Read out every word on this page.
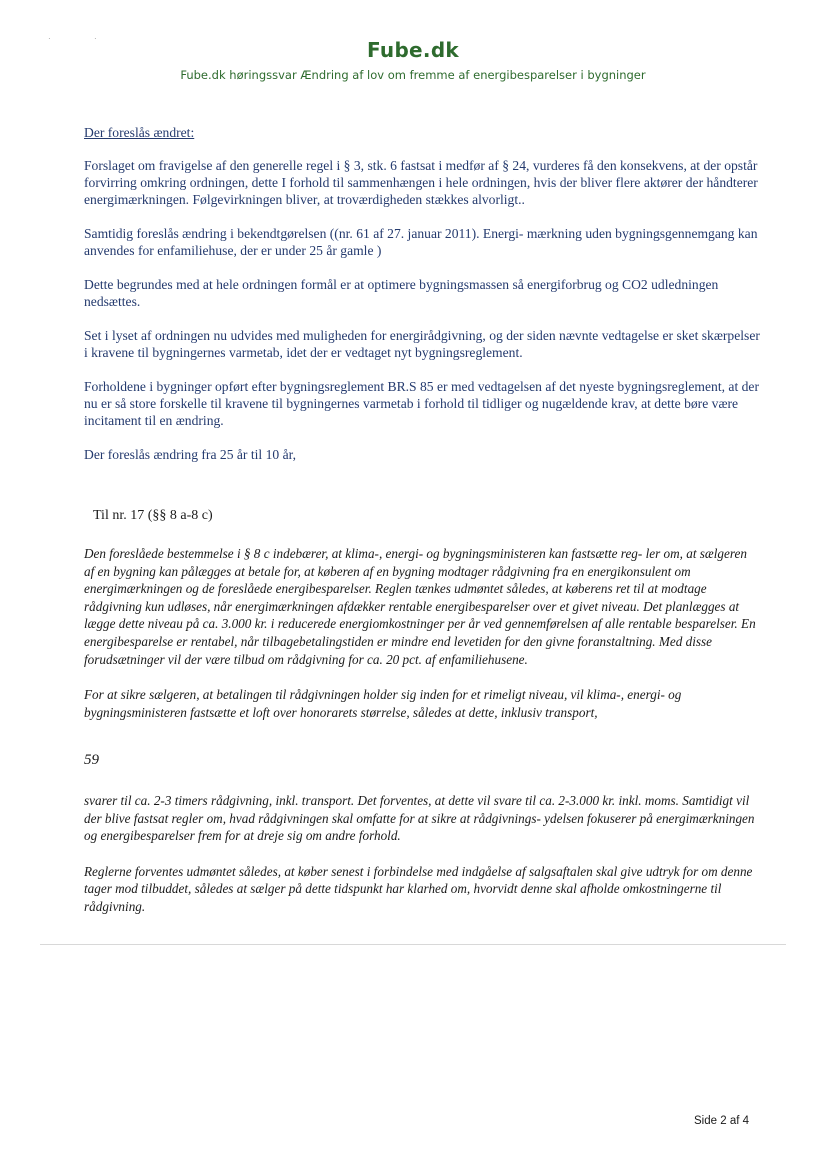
·	·	Fube.dk
Fube.dk høringssvar Ændring af lov om fremme af energibesparelser i bygninger

Der foreslås ændret:

Forslaget om fravigelse af den generelle regel i § 3, stk. 6 fastsat i medfør af § 24, vurderes få den konsekvens, at der opstår forvirring omkring ordningen, dette I forhold til sammenhængen i hele ordningen, hvis der bliver flere aktører der håndterer energimærkningen. Følgevirkningen bliver, at troværdigheden stækkes alvorligt..

Samtidig foreslås ændring i bekendtgørelsen ((nr. 61 af 27. januar 2011). Energi- mærkning uden bygningsgennemgang kan anvendes for enfamiliehuse, der er under 25 år gamle )

Dette begrundes med at hele ordningen formål er at optimere bygningsmassen så energiforbrug og CO2 udledningen nedsættes.

Set i lyset af ordningen nu udvides med muligheden for energirådgivning, og der siden nævnte vedtagelse er sket skærpelser i kravene til bygningernes varmetab, idet der er vedtaget nyt bygningsreglement.

Forholdene i bygninger opført efter bygningsreglement BR.S 85 er med vedtagelsen af det nyeste bygningsreglement, at der nu er så store forskelle til kravene til bygningernes varmetab i forhold til tidliger og nugældende krav, at dette børe være incitament til en ændring.

Der foreslås ændring fra 25 år til 10 år,

Til nr. 17 (§§ 8 a-8 c)

Den foreslåede bestemmelse i § 8 c indebærer, at klima-, energi- og bygningsministeren kan fastsætte reg- ler om, at sælgeren af en bygning kan pålægges at betale for, at køberen af en bygning modtager rådgivning fra en energikonsulent om energimærkningen og de foreslåede energibesparelser. Reglen tænkes udmøntet således, at køberens ret til at modtage rådgivning kun udløses, når energimærkningen afdækker rentable energibesparelser over et givet niveau. Det planlægges at lægge dette niveau på ca. 3.000 kr. i reducerede energiomkostninger per år ved gennemførelsen af alle rentable besparelser. En energibesparelse er rentabel, når tilbagebetalingstiden er mindre end levetiden for den givne foranstaltning. Med disse forudsætninger vil der være tilbud om rådgivning for ca. 20 pct. af enfamiliehusene.

For at sikre sælgeren, at betalingen til rådgivningen holder sig inden for et rimeligt niveau, vil klima-, energi- og bygningsministeren fastsætte et loft over honorarets størrelse, således at dette, inklusiv transport,

59

svarer til ca. 2-3 timers rådgivning, inkl. transport. Det forventes, at dette vil svare til ca. 2-3.000 kr. inkl. moms. Samtidigt vil der blive fastsat regler om, hvad rådgivningen skal omfatte for at sikre at rådgivnings- ydelsen fokuserer på energimærkningen og energibesparelser frem for at dreje sig om andre forhold.

Reglerne forventes udmøntet således, at køber senest i forbindelse med indgåelse af salgsaftalen skal give udtryk for om denne tager mod tilbuddet, således at sælger på dette tidspunkt har klarhed om, hvorvidt denne skal afholde omkostningerne til rådgivning.

Side 2 af 4
